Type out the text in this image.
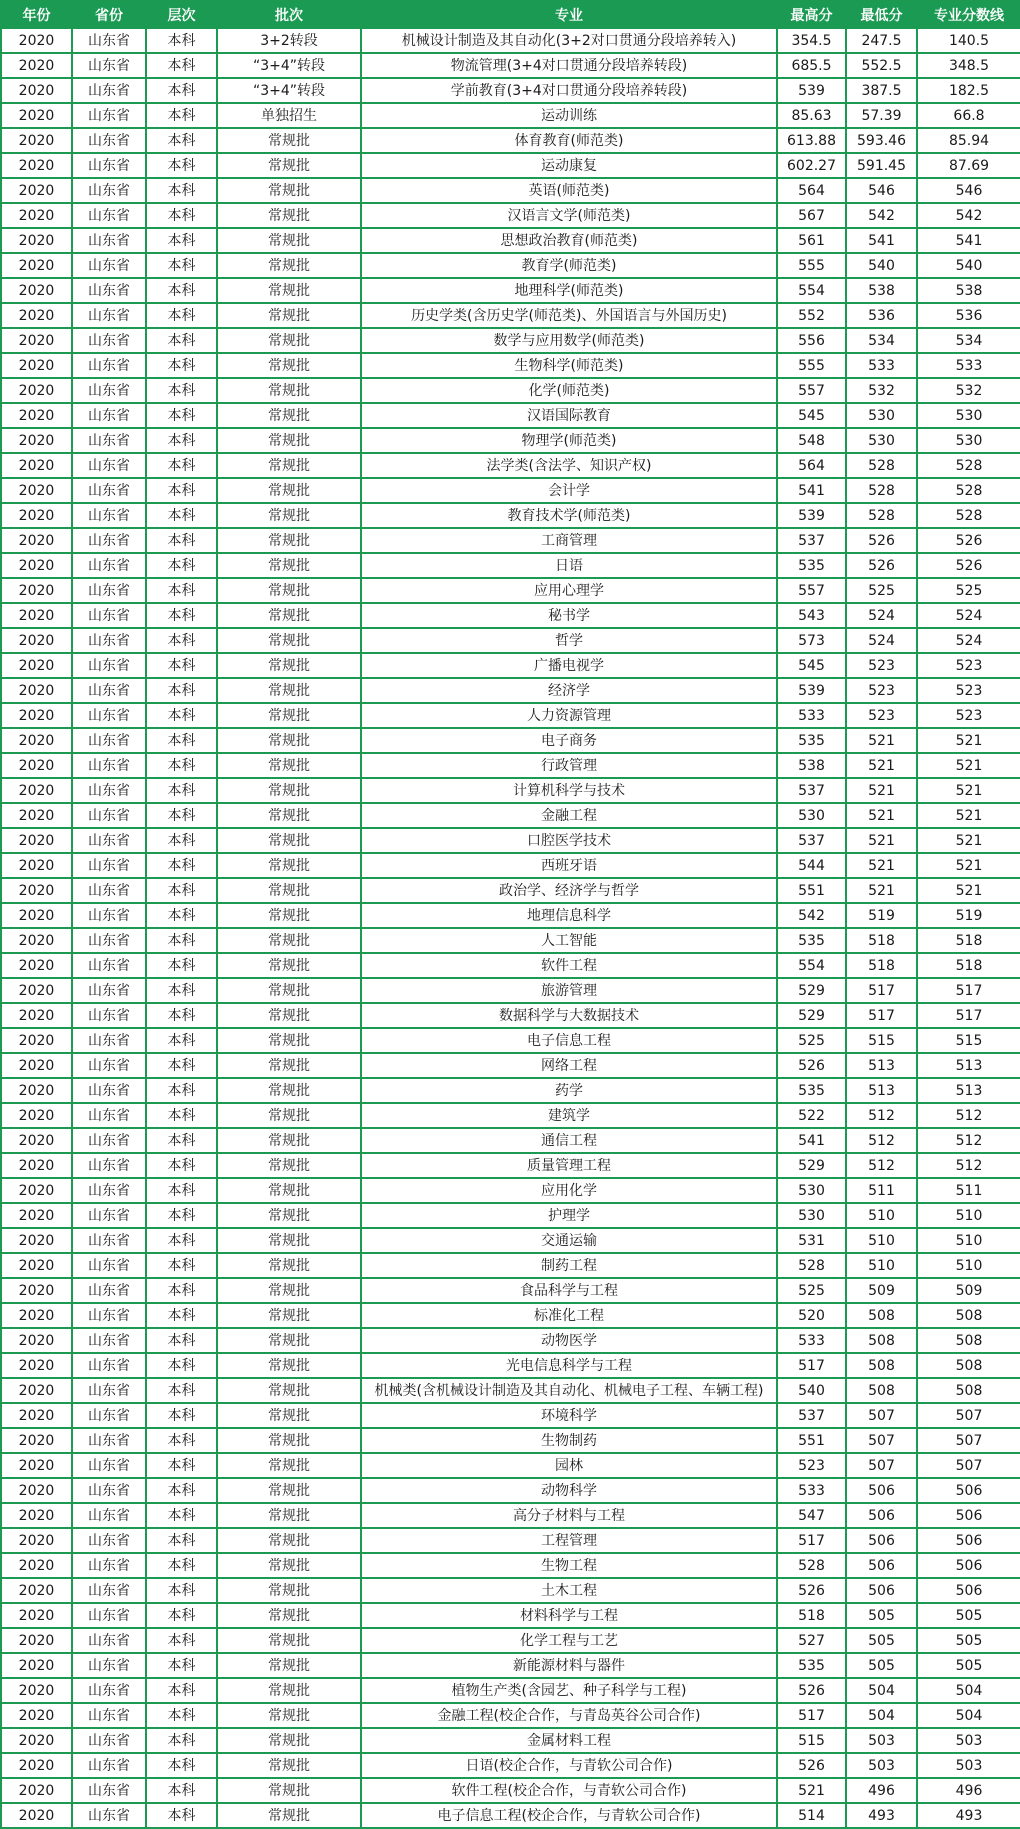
年份	省份	层次	批次	专业	最高分	最低分	专业分数线
2020	山东省	本科	3+2转段	机械设计制造及其自动化(3+2对口贯通分段培养转入)	354.5	247.5	140.5
2020	山东省	本科	“3+4”转段	物流管理(3+4对口贯通分段培养转段)	685.5	552.5	348.5
2020	山东省	本科	“3+4”转段	学前教育(3+4对口贯通分段培养转段)	539	387.5	182.5
2020	山东省	本科	单独招生	运动训练	85.63	57.39	66.8
2020	山东省	本科	常规批	体育教育(师范类)	613.88	593.46	85.94
2020	山东省	本科	常规批	运动康复	602.27	591.45	87.69
2020	山东省	本科	常规批	英语(师范类)	564	546	546
2020	山东省	本科	常规批	汉语言文学(师范类)	567	542	542
2020	山东省	本科	常规批	思想政治教育(师范类)	561	541	541
2020	山东省	本科	常规批	教育学(师范类)	555	540	540
2020	山东省	本科	常规批	地理科学(师范类)	554	538	538
2020	山东省	本科	常规批	历史学类(含历史学(师范类)、外国语言与外国历史)	552	536	536
2020	山东省	本科	常规批	数学与应用数学(师范类)	556	534	534
2020	山东省	本科	常规批	生物科学(师范类)	555	533	533
2020	山东省	本科	常规批	化学(师范类)	557	532	532
2020	山东省	本科	常规批	汉语国际教育	545	530	530
2020	山东省	本科	常规批	物理学(师范类)	548	530	530
2020	山东省	本科	常规批	法学类(含法学、知识产权)	564	528	528
2020	山东省	本科	常规批	会计学	541	528	528
2020	山东省	本科	常规批	教育技术学(师范类)	539	528	528
2020	山东省	本科	常规批	工商管理	537	526	526
2020	山东省	本科	常规批	日语	535	526	526
2020	山东省	本科	常规批	应用心理学	557	525	525
2020	山东省	本科	常规批	秘书学	543	524	524
2020	山东省	本科	常规批	哲学	573	524	524
2020	山东省	本科	常规批	广播电视学	545	523	523
2020	山东省	本科	常规批	经济学	539	523	523
2020	山东省	本科	常规批	人力资源管理	533	523	523
2020	山东省	本科	常规批	电子商务	535	521	521
2020	山东省	本科	常规批	行政管理	538	521	521
2020	山东省	本科	常规批	计算机科学与技术	537	521	521
2020	山东省	本科	常规批	金融工程	530	521	521
2020	山东省	本科	常规批	口腔医学技术	537	521	521
2020	山东省	本科	常规批	西班牙语	544	521	521
2020	山东省	本科	常规批	政治学、经济学与哲学	551	521	521
2020	山东省	本科	常规批	地理信息科学	542	519	519
2020	山东省	本科	常规批	人工智能	535	518	518
2020	山东省	本科	常规批	软件工程	554	518	518
2020	山东省	本科	常规批	旅游管理	529	517	517
2020	山东省	本科	常规批	数据科学与大数据技术	529	517	517
2020	山东省	本科	常规批	电子信息工程	525	515	515
2020	山东省	本科	常规批	网络工程	526	513	513
2020	山东省	本科	常规批	药学	535	513	513
2020	山东省	本科	常规批	建筑学	522	512	512
2020	山东省	本科	常规批	通信工程	541	512	512
2020	山东省	本科	常规批	质量管理工程	529	512	512
2020	山东省	本科	常规批	应用化学	530	511	511
2020	山东省	本科	常规批	护理学	530	510	510
2020	山东省	本科	常规批	交通运输	531	510	510
2020	山东省	本科	常规批	制药工程	528	510	510
2020	山东省	本科	常规批	食品科学与工程	525	509	509
2020	山东省	本科	常规批	标准化工程	520	508	508
2020	山东省	本科	常规批	动物医学	533	508	508
2020	山东省	本科	常规批	光电信息科学与工程	517	508	508
2020	山东省	本科	常规批	机械类(含机械设计制造及其自动化、机械电子工程、车辆工程)	540	508	508
2020	山东省	本科	常规批	环境科学	537	507	507
2020	山东省	本科	常规批	生物制药	551	507	507
2020	山东省	本科	常规批	园林	523	507	507
2020	山东省	本科	常规批	动物科学	533	506	506
2020	山东省	本科	常规批	高分子材料与工程	547	506	506
2020	山东省	本科	常规批	工程管理	517	506	506
2020	山东省	本科	常规批	生物工程	528	506	506
2020	山东省	本科	常规批	土木工程	526	506	506
2020	山东省	本科	常规批	材料科学与工程	518	505	505
2020	山东省	本科	常规批	化学工程与工艺	527	505	505
2020	山东省	本科	常规批	新能源材料与器件	535	505	505
2020	山东省	本科	常规批	植物生产类(含园艺、种子科学与工程)	526	504	504
2020	山东省	本科	常规批	金融工程(校企合作，与青岛英谷公司合作)	517	504	504
2020	山东省	本科	常规批	金属材料工程	515	503	503
2020	山东省	本科	常规批	日语(校企合作，与青软公司合作)	526	503	503
2020	山东省	本科	常规批	软件工程(校企合作，与青软公司合作)	521	496	496
2020	山东省	本科	常规批	电子信息工程(校企合作，与青软公司合作)	514	493	493
